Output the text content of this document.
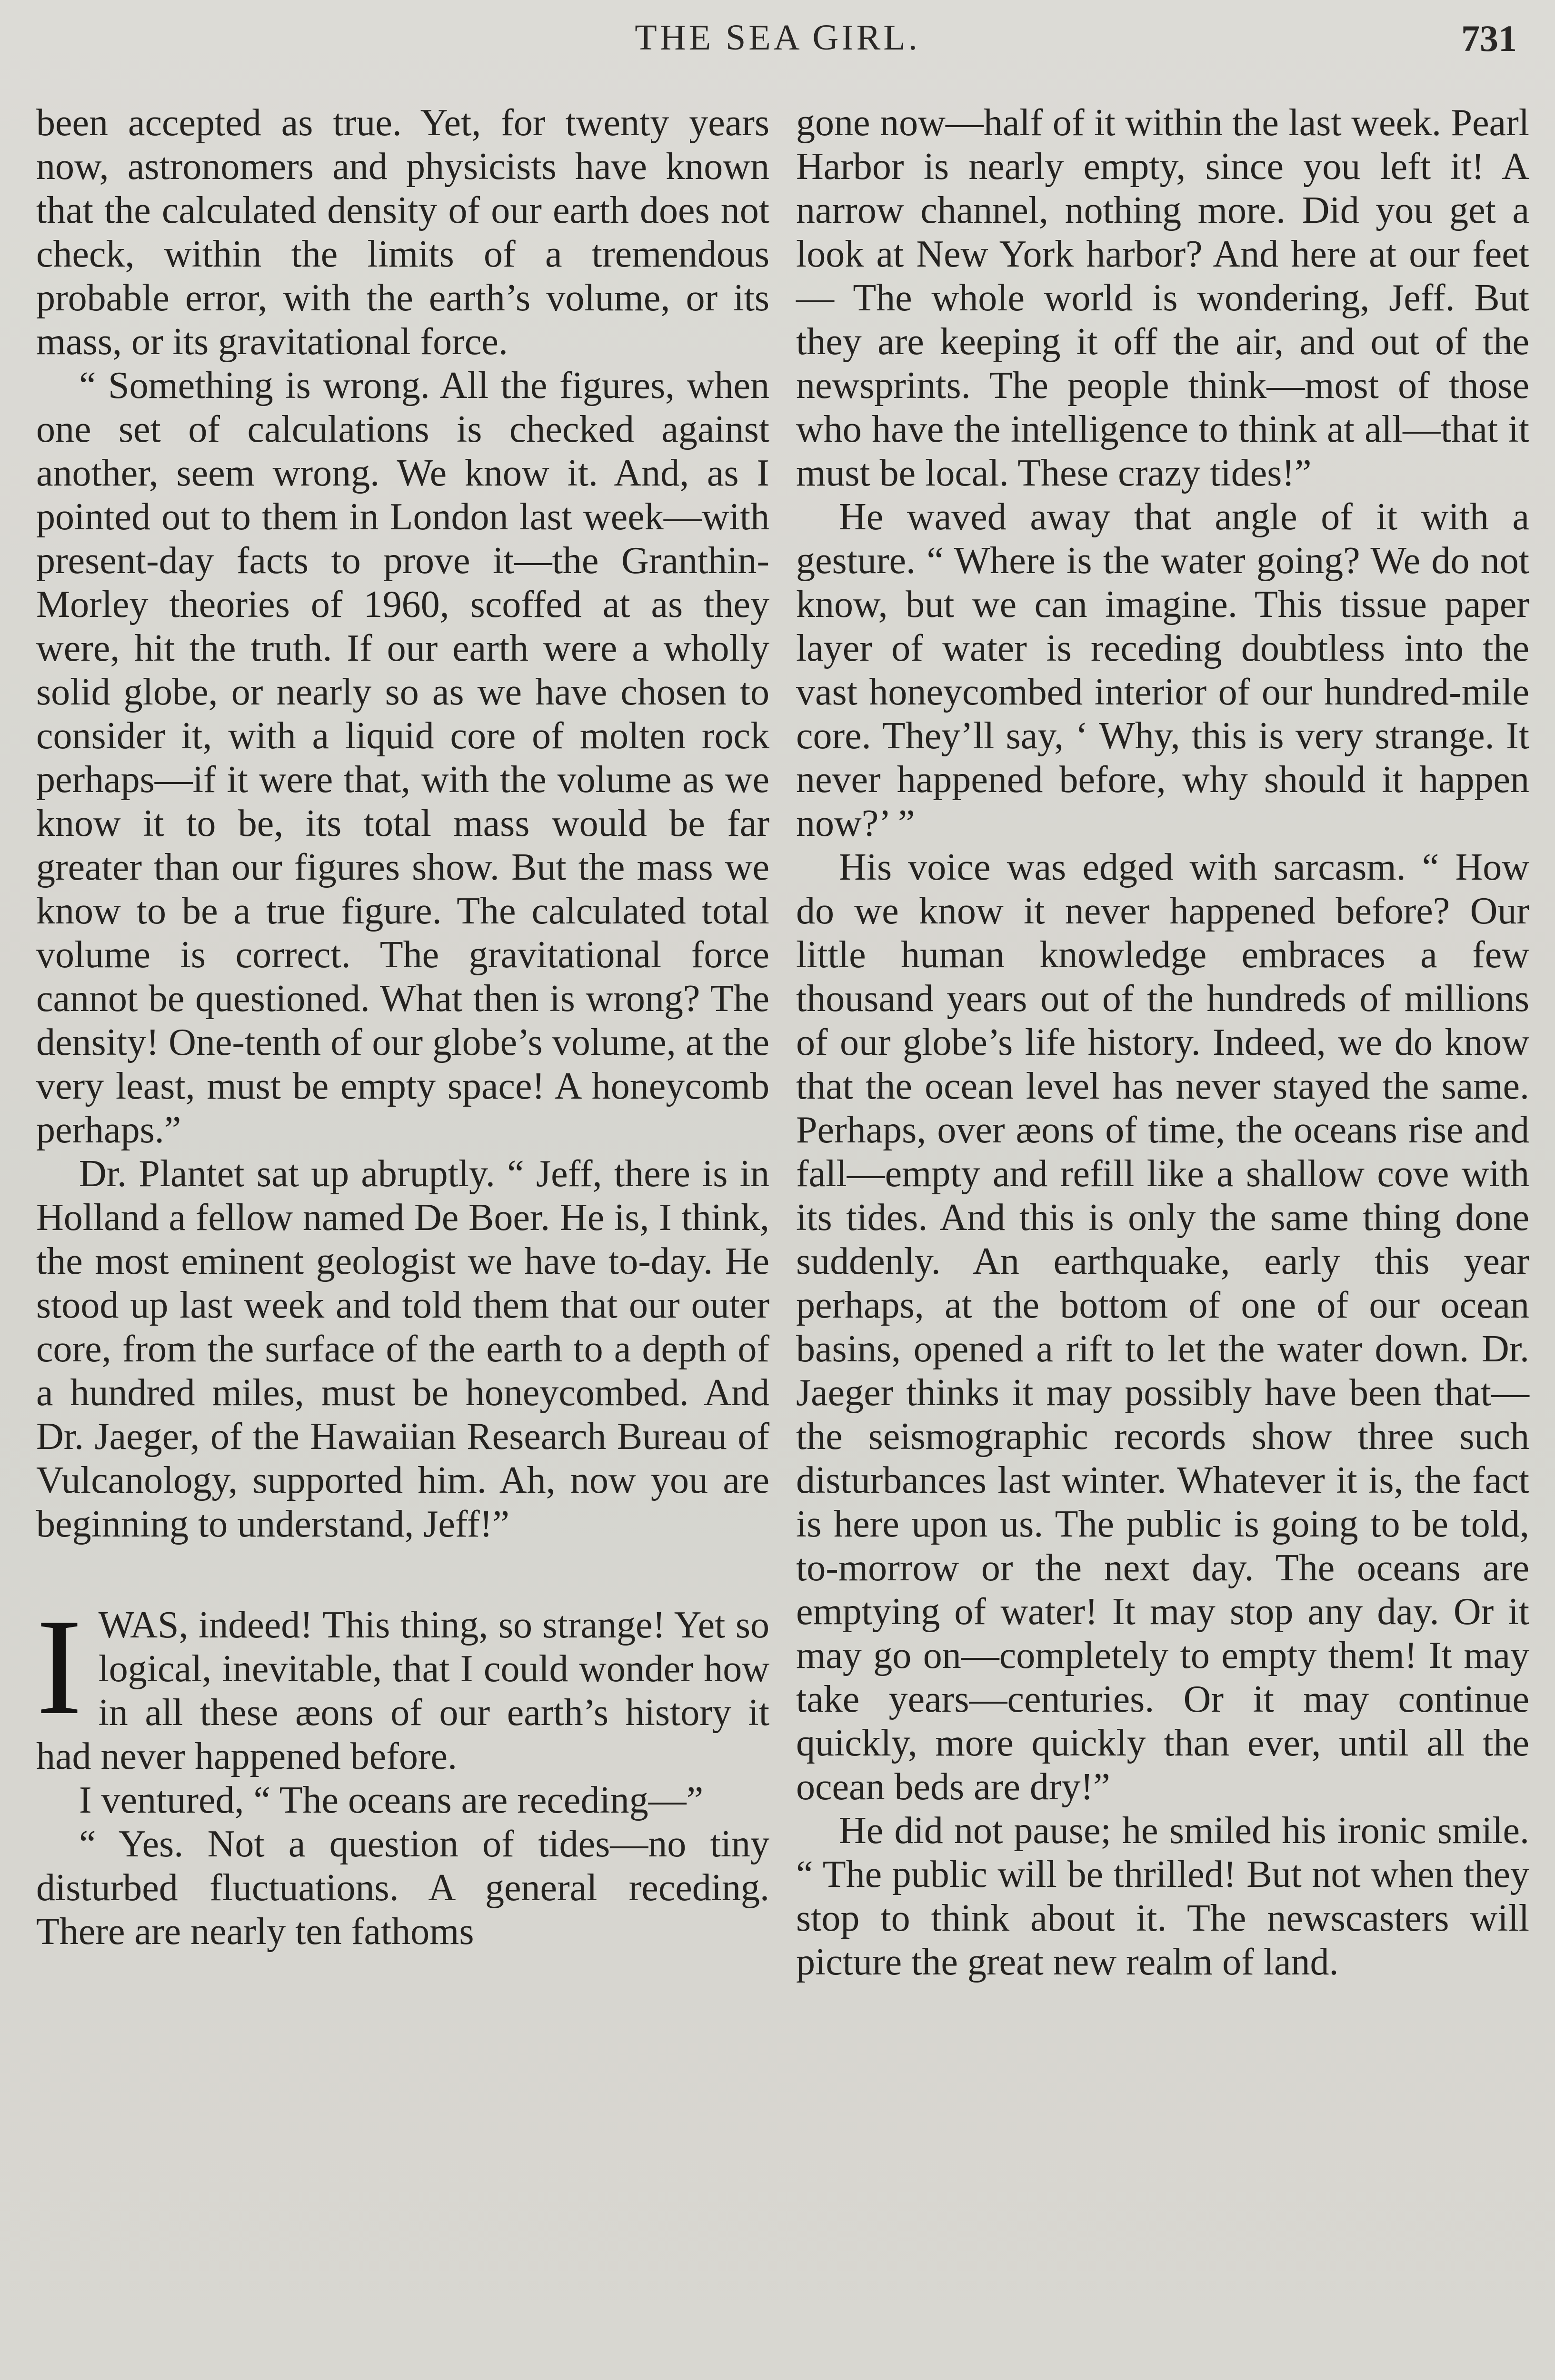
THE SEA GIRL.	731

been accepted as true. Yet, for twenty years now, astronomers and physicists have known that the calculated density of our earth does not check, within the limits of a tremendous probable error, with the earth’s volume, or its mass, or its gravitational force.

“ Something is wrong. All the figures, when one set of calculations is checked against another, seem wrong. We know it. And, as I pointed out to them in London last week—with present-day facts to prove it—the Granthin-Morley theories of 1960, scoffed at as they were, hit the truth. If our earth were a wholly solid globe, or nearly so as we have chosen to consider it, with a liquid core of molten rock perhaps—if it were that, with the volume as we know it to be, its total mass would be far greater than our figures show. But the mass we know to be a true figure. The calculated total volume is correct. The gravitational force cannot be questioned. What then is wrong? The density! One-tenth of our globe’s volume, at the very least, must be empty space! A honeycomb perhaps.”

Dr. Plantet sat up abruptly. “ Jeff, there is in Holland a fellow named De Boer. He is, I think, the most eminent geologist we have to-day. He stood up last week and told them that our outer core, from the surface of the earth to a depth of a hundred miles, must be honeycombed. And Dr. Jaeger, of the Hawaiian Research Bureau of Vulcanology, supported him. Ah, now you are beginning to understand, Jeff!”

IWAS, indeed! This thing, so strange! Yet so logical, inevitable, that I could wonder how in all these æons of our earth’s history it had never happened before.

I ventured, “ The oceans are receding—”

“ Yes. Not a question of tides—no tiny disturbed fluctuations. A general receding. There are nearly ten fathoms

gone now—half of it within the last week. Pearl Harbor is nearly empty, since you left it! A narrow channel, nothing more. Did you get a look at New York harbor? And here at our feet— The whole world is wondering, Jeff. But they are keeping it off the air, and out of the newsprints. The people think—most of those who have the intelligence to think at all—that it must be local. These crazy tides!”

He waved away that angle of it with a gesture. “ Where is the water going? We do not know, but we can imagine. This tissue paper layer of water is receding doubtless into the vast honeycombed interior of our hundred-mile core. They’ll say, ‘ Why, this is very strange. It never happened before, why should it happen now?’ ”

His voice was edged with sarcasm. “ How do we know it never happened before? Our little human knowledge embraces a few thousand years out of the hundreds of millions of our globe’s life history. Indeed, we do know that the ocean level has never stayed the same. Perhaps, over æons of time, the oceans rise and fall—empty and refill like a shallow cove with its tides. And this is only the same thing done suddenly. An earthquake, early this year perhaps, at the bottom of one of our ocean basins, opened a rift to let the water down. Dr. Jaeger thinks it may possibly have been that—the seismographic records show three such disturbances last winter. Whatever it is, the fact is here upon us. The public is going to be told, to-morrow or the next day. The oceans are emptying of water! It may stop any day. Or it may go on—completely to empty them! It may take years—centuries. Or it may continue quickly, more quickly than ever, until all the ocean beds are dry!”

He did not pause; he smiled his ironic smile. “ The public will be thrilled! But not when they stop to think about it. The newscasters will picture the great new realm of land.
